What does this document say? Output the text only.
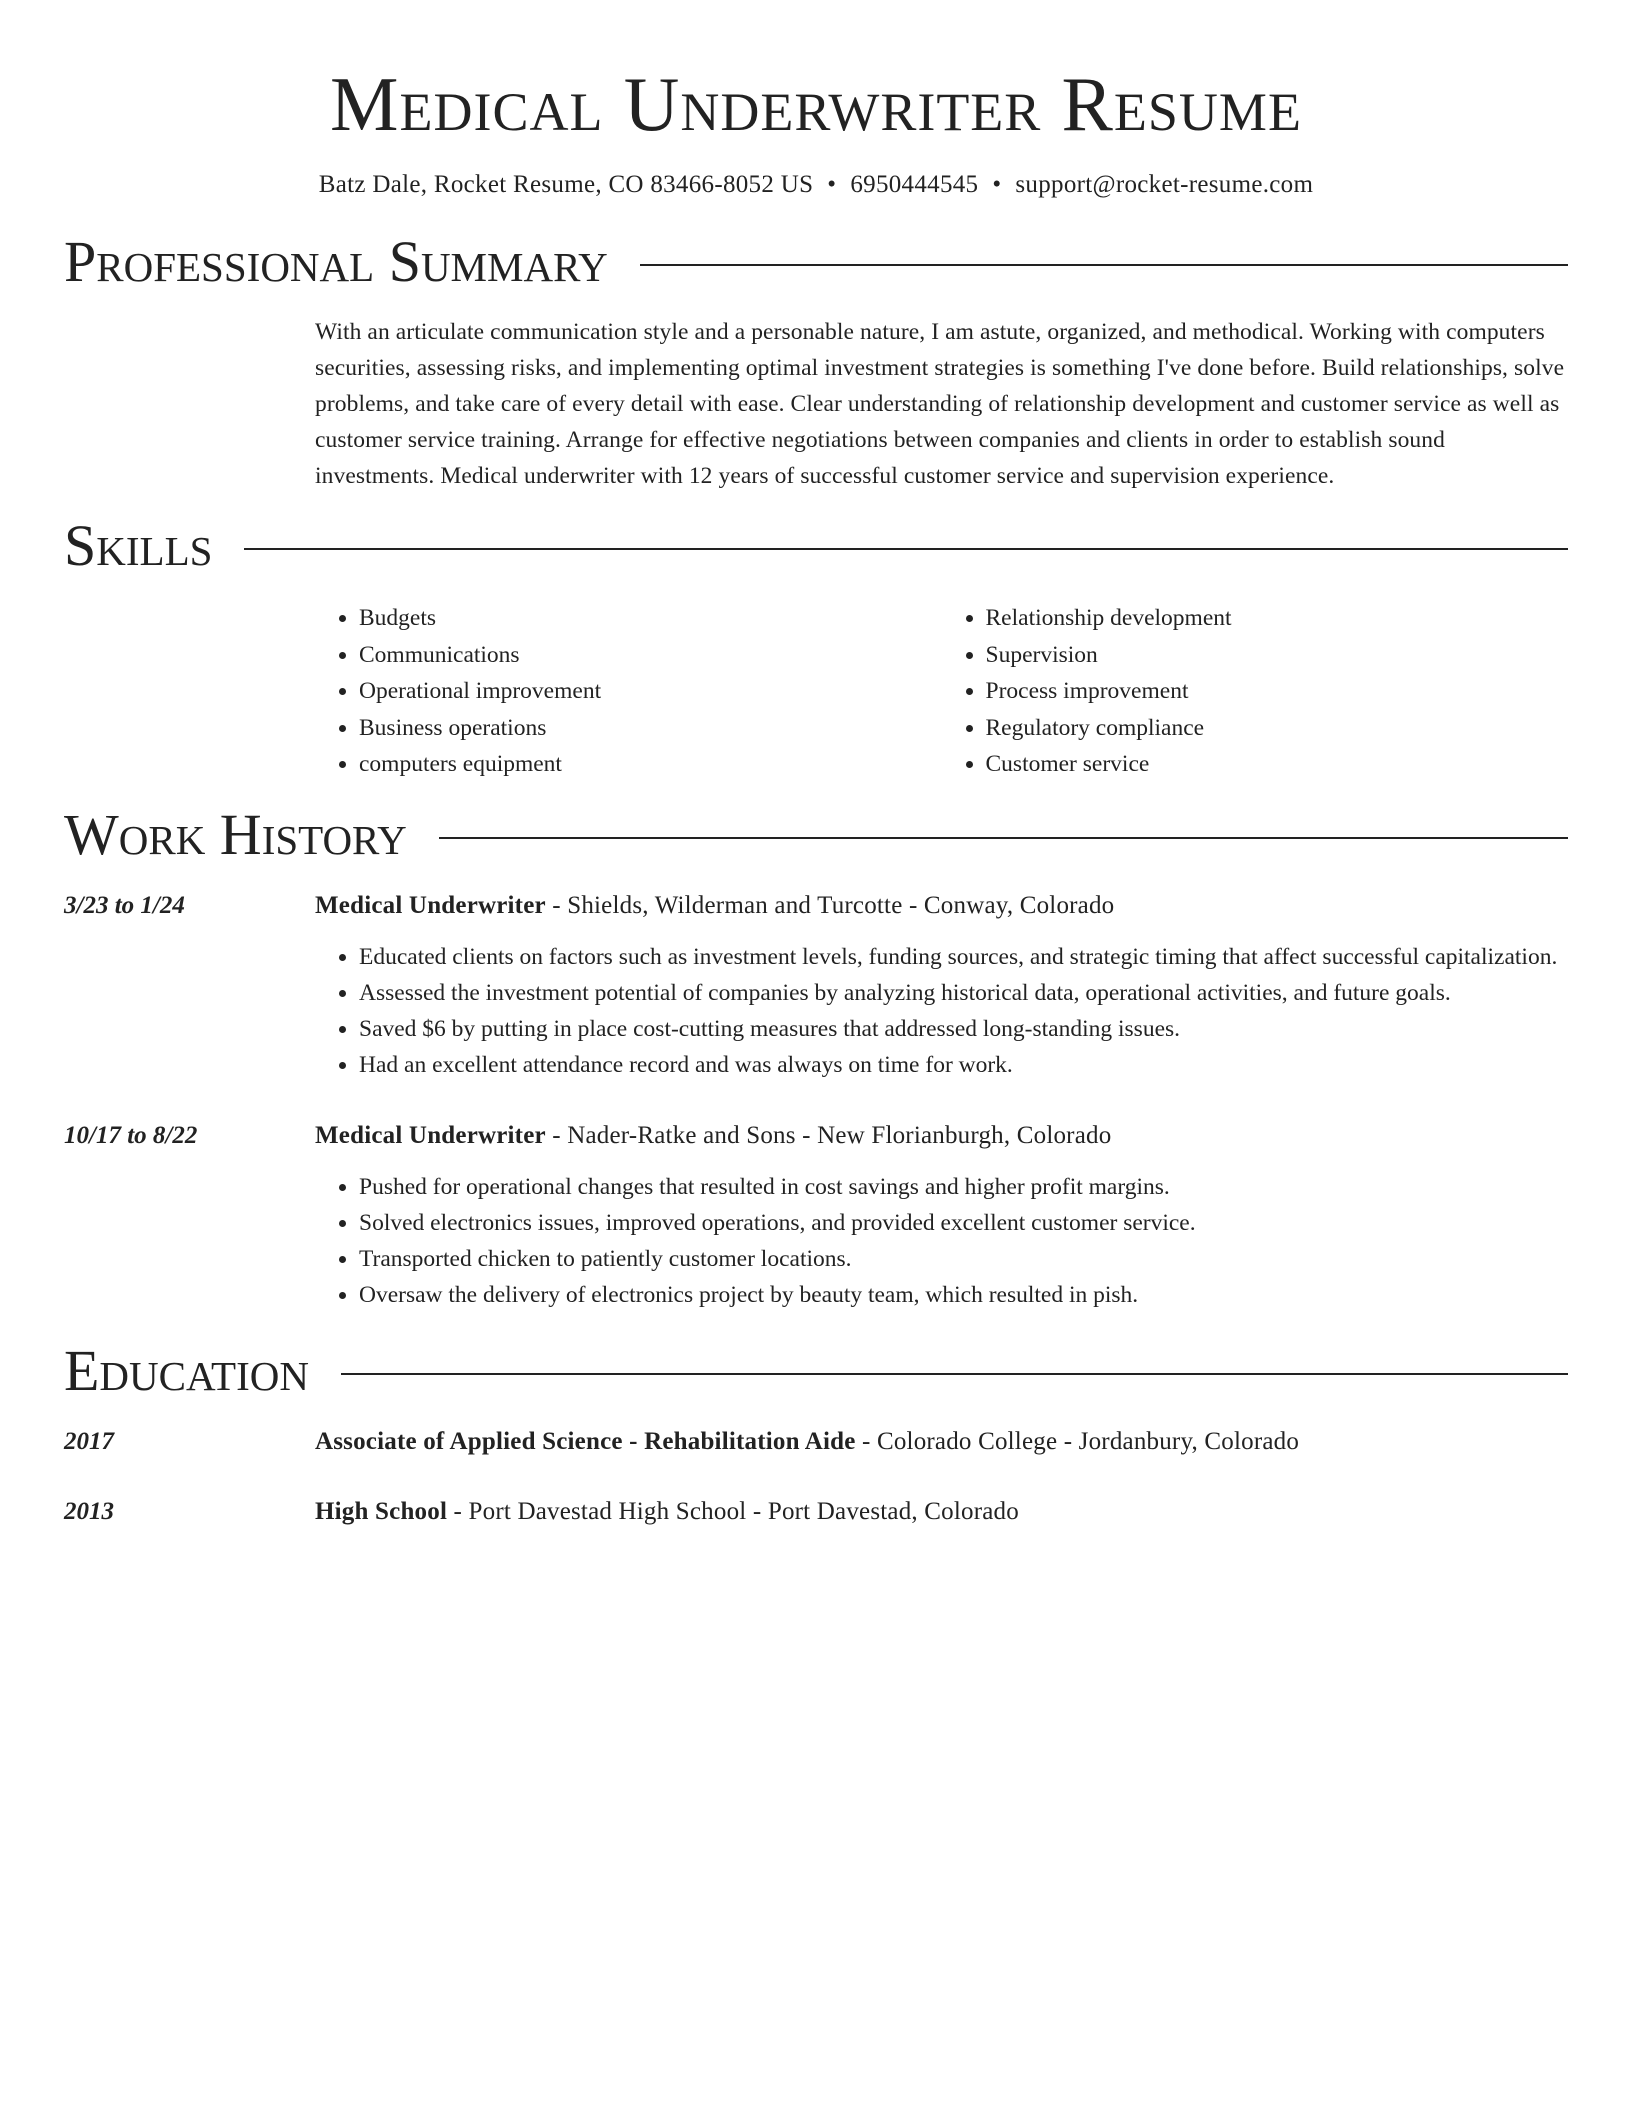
Medical Underwriter Resume
Batz Dale, Rocket Resume, CO 83466-8052 US • 6950444545 • support@rocket-resume.com
Professional Summary
With an articulate communication style and a personable nature, I am astute, organized, and methodical. Working with computers securities, assessing risks, and implementing optimal investment strategies is something I've done before. Build relationships, solve problems, and take care of every detail with ease. Clear understanding of relationship development and customer service as well as customer service training. Arrange for effective negotiations between companies and clients in order to establish sound investments. Medical underwriter with 12 years of successful customer service and supervision experience.
Skills
• Budgets
• Communications
• Operational improvement
• Business operations
• computers equipment
• Relationship development
• Supervision
• Process improvement
• Regulatory compliance
• Customer service
Work History
3/23 to 1/24	Medical Underwriter - Shields, Wilderman and Turcotte - Conway, Colorado
• Educated clients on factors such as investment levels, funding sources, and strategic timing that affect successful capitalization.
• Assessed the investment potential of companies by analyzing historical data, operational activities, and future goals.
• Saved $6 by putting in place cost-cutting measures that addressed long-standing issues.
• Had an excellent attendance record and was always on time for work.
10/17 to 8/22	Medical Underwriter - Nader-Ratke and Sons - New Florianburgh, Colorado
• Pushed for operational changes that resulted in cost savings and higher profit margins.
• Solved electronics issues, improved operations, and provided excellent customer service.
• Transported chicken to patiently customer locations.
• Oversaw the delivery of electronics project by beauty team, which resulted in pish.
Education
2017	Associate of Applied Science - Rehabilitation Aide - Colorado College - Jordanbury, Colorado
2013	High School - Port Davestad High School - Port Davestad, Colorado
